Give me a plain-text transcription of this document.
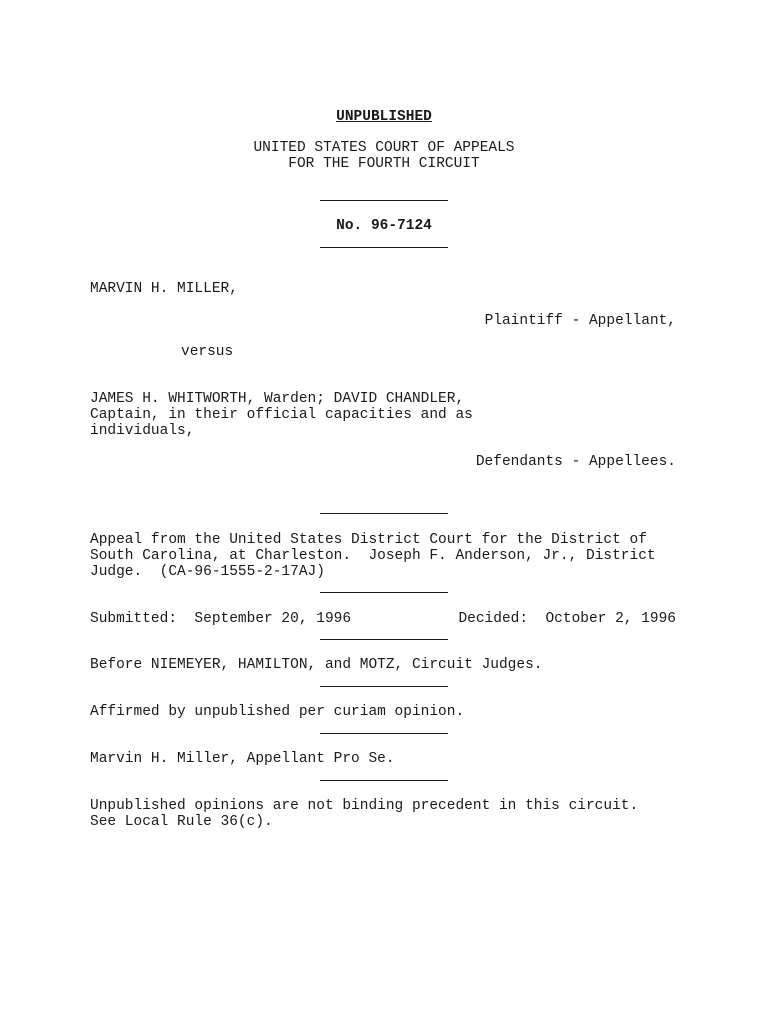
UNPUBLISHED
UNITED STATES COURT OF APPEALS
FOR THE FOURTH CIRCUIT
No. 96-7124
MARVIN H. MILLER,
Plaintiff - Appellant,
versus
JAMES H. WHITWORTH, Warden; DAVID CHANDLER,
Captain, in their official capacities and as
individuals,
Defendants - Appellees.
Appeal from the United States District Court for the District of
South Carolina, at Charleston.  Joseph F. Anderson, Jr., District
Judge.  (CA-96-1555-2-17AJ)
Submitted:  September 20, 1996	Decided:  October 2, 1996
Before NIEMEYER, HAMILTON, and MOTZ, Circuit Judges.
Affirmed by unpublished per curiam opinion.
Marvin H. Miller, Appellant Pro Se.
Unpublished opinions are not binding precedent in this circuit.
See Local Rule 36(c).
